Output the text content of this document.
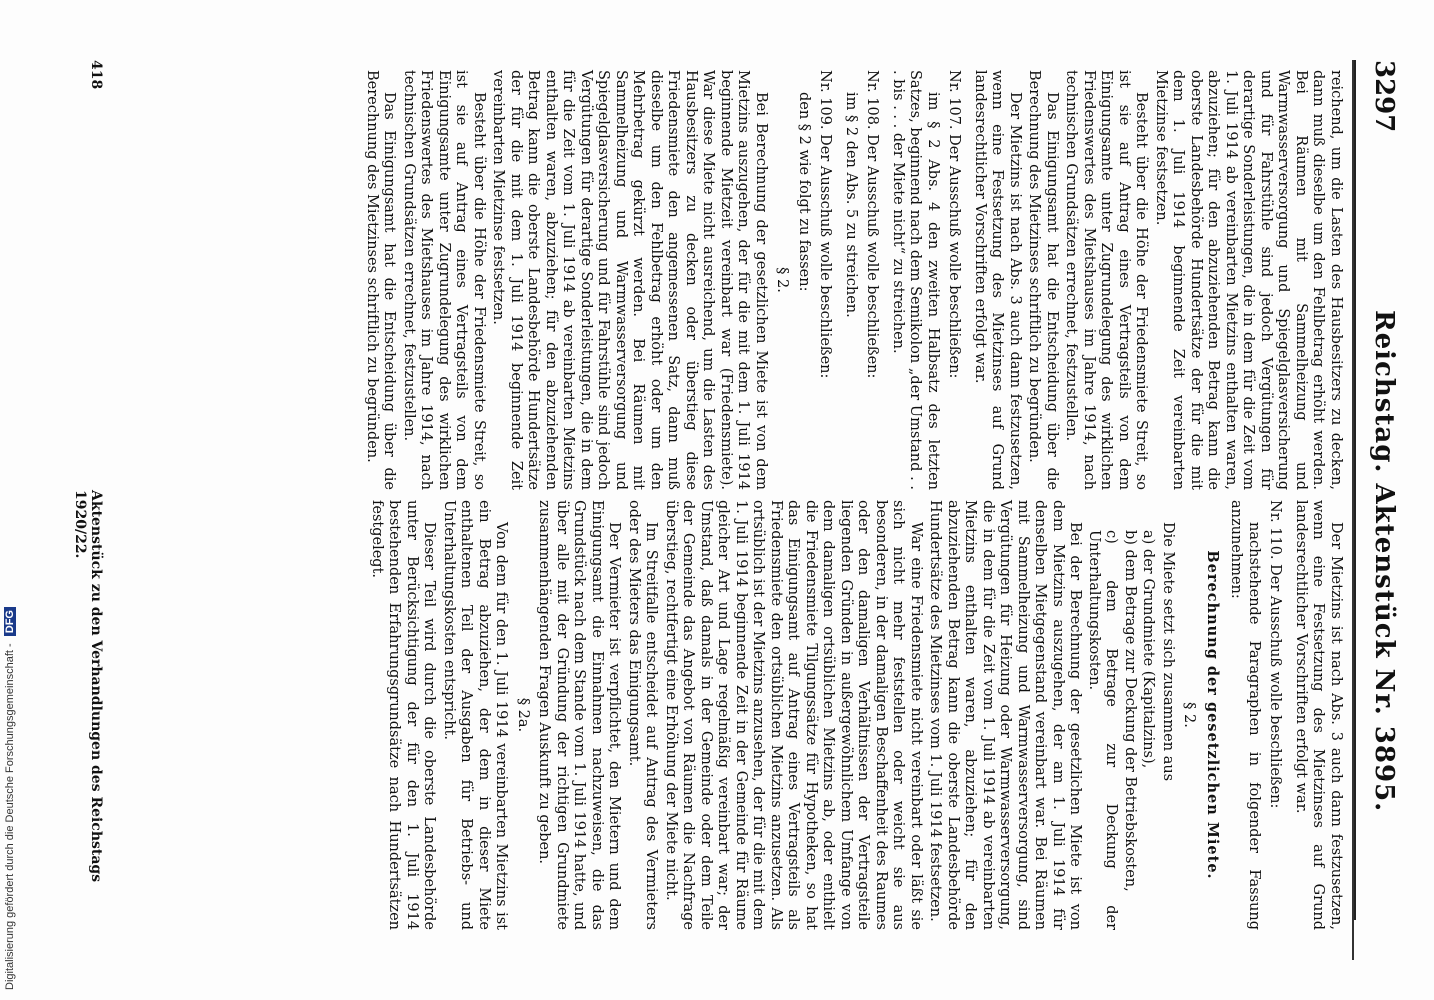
3297
Reichstag. Aktenstück Nr. 3895.

reichend, um die Lasten des Hausbesitzers zu decken, dann muß dieselbe um den Fehlbetrag erhöht werden. Bei Räumen mit Sammelheizung und Warmwasserversorgung und Spiegelglasversicherung und für Fahrstühle sind jedoch Vergütungen für derartige Sonderleistungen, die in dem für die Zeit vom 1. Juli 1914 ab vereinbarten Mietzins enthalten waren, abzuziehen; für den abzuziehenden Betrag kann die oberste Landesbehörde Hundertsätze der für die mit dem 1. Juli 1914 beginnende Zeit vereinbarten Mietzinse festsetzen.

Besteht über die Höhe der Friedensmiete Streit, so ist sie auf Antrag eines Vertragsteils von dem Einigungsamte unter Zugrundelegung des wirklichen Friedenswertes des Mietshauses im Jahre 1914, nach technischen Grundsätzen errechnet, festzustellen.

Das Einigungsamt hat die Entscheidung über die Berechnung des Mietzinses schriftlich zu begründen.

Der Mietzins ist nach Abs. 3 auch dann festzusetzen, wenn eine Festsetzung des Mietzinses auf Grund landesrechtlicher Vorschriften erfolgt war.

Nr. 107. Der Ausschuß wolle beschließen:

im § 2 Abs. 4 den zweiten Halbsatz des letzten Satzes, beginnend nach dem Semikolon „der Umstand . . . bis . . . der Miete nicht“ zu streichen.

Nr. 108. Der Ausschuß wolle beschließen:

im § 2 den Abs. 5 zu streichen.

Nr. 109. Der Ausschuß wolle beschließen:

den § 2 wie folgt zu fassen:

§ 2.

Bei Berechnung der gesetzlichen Miete ist von dem Mietzins auszugehen, der für die mit dem 1. Juli 1914 beginnende Mietzeit vereinbart war (Friedensmiete). War diese Miete nicht ausreichend, um die Lasten des Hausbesitzers zu decken oder überstieg diese Friedensmiete den angemessenen Satz, dann muß dieselbe um den Fehlbetrag erhöht oder um den Mehrbetrag gekürzt werden. Bei Räumen mit Sammelheizung und Warmwasserversorgung und Spiegelglasversicherung und für Fahrstühle sind jedoch Vergütungen für derartige Sonderleistungen, die in dem für die Zeit vom 1. Juli 1914 ab vereinbarten Mietzins enthalten waren, abzuziehen; für den abzuziehenden Betrag kann die oberste Landesbehörde Hundertsätze der für die mit dem 1. Juli 1914 beginnende Zeit vereinbarten Mietzinse festsetzen.

Besteht über die Höhe der Friedensmiete Streit, so ist sie auf Antrag eines Vertragsteils von dem Einigungsamte unter Zugrundelegung des wirklichen Friedenswertes des Mietshauses im Jahre 1914, nach technischen Grundsätzen errechnet, festzustellen.

Das Einigungsamt hat die Entscheidung über die Berechnung des Mietzinses schriftlich zu begründen.

Der Mietzins ist nach Abs. 3 auch dann festzusetzen, wenn eine Festsetzung des Mietzinses auf Grund landesrechtlicher Vorschriften erfolgt war.

Nr. 110. Der Ausschuß wolle beschließen:

nachstehende Paragraphen in folgender Fassung anzunehmen:

Berechnung der gesetzlichen Miete.

§ 2.

Die Miete setzt sich zusammen aus

a) der Grundmiete (Kapitalzins),

b) dem Betrage zur Deckung der Betriebskosten,

c) dem Betrage zur Deckung der Unterhaltungskosten.

Bei der Berechnung der gesetzlichen Miete ist von dem Mietzins auszugehen, der am 1. Juli 1914 für denselben Mietgegenstand vereinbart war. Bei Räumen mit Sammelheizung und Warmwasserversorgung, sind Vergütungen für Heizung oder Warmwasserversorgung, die in dem für die Zeit vom 1. Juli 1914 ab vereinbarten Mietzins enthalten waren, abzuziehen; für den abzuziehenden Betrag kann die oberste Landesbehörde Hundertsätze des Mietzinses vom 1. Juli 1914 festsetzen.

War eine Friedensmiete nicht vereinbart oder läßt sie sich nicht mehr feststellen oder weicht sie aus besonderen, in der damaligen Beschaffenheit des Raumes oder den damaligen Verhältnissen der Vertragsteile liegenden Gründen in außergewöhnlichem Umfange von dem damaligen ortsüblichen Mietzins ab, oder enthielt die Friedensmiete Tilgungssätze für Hypotheken, so hat das Einigungsamt auf Antrag eines Vertragsteils als Friedensmiete den ortsüblichen Mietzins anzusetzen. Als ortsüblich ist der Mietzins anzusehen, der für die mit dem 1. Juli 1914 beginnende Zeit in der Gemeinde für Räume gleicher Art und Lage regelmäßig vereinbart war; der Umstand, daß damals in der Gemeinde oder dem Teile der Gemeinde das Angebot von Räumen die Nachfrage überstieg, rechtfertigt eine Erhöhung der Miete nicht.

Im Streitfalle entscheidet auf Antrag des Vermieters oder des Mieters das Einigungsamt.

Der Vermieter ist verpflichtet, den Mietern und dem Einigungsamt die Einnahmen nachzuweisen, die das Grundstück nach dem Stande vom 1. Juli 1914 hatte, und über alle mit der Gründung der richtigen Grundmiete zusammenhängenden Fragen Auskunft zu geben.

§ 2a.

Von dem für den 1. Juli 1914 vereinbarten Mietzins ist ein Betrag abzuziehen, der dem in dieser Miete enthaltenen Teil der Ausgaben für Betriebs- und Unterhaltungskosten entspricht.

Dieser Teil wird durch die oberste Landesbehörde unter Berücksichtigung der für den 1. Juli 1914 bestehenden Erfahrungsgrundsätze nach Hundertsätzen festgelegt.

418
Aktenstück zu den Verhandlungen des Reichstags 1920/22.
Digitalisierung gefördert durch die Deutsche Forschungsgemeinschaft - DFG
